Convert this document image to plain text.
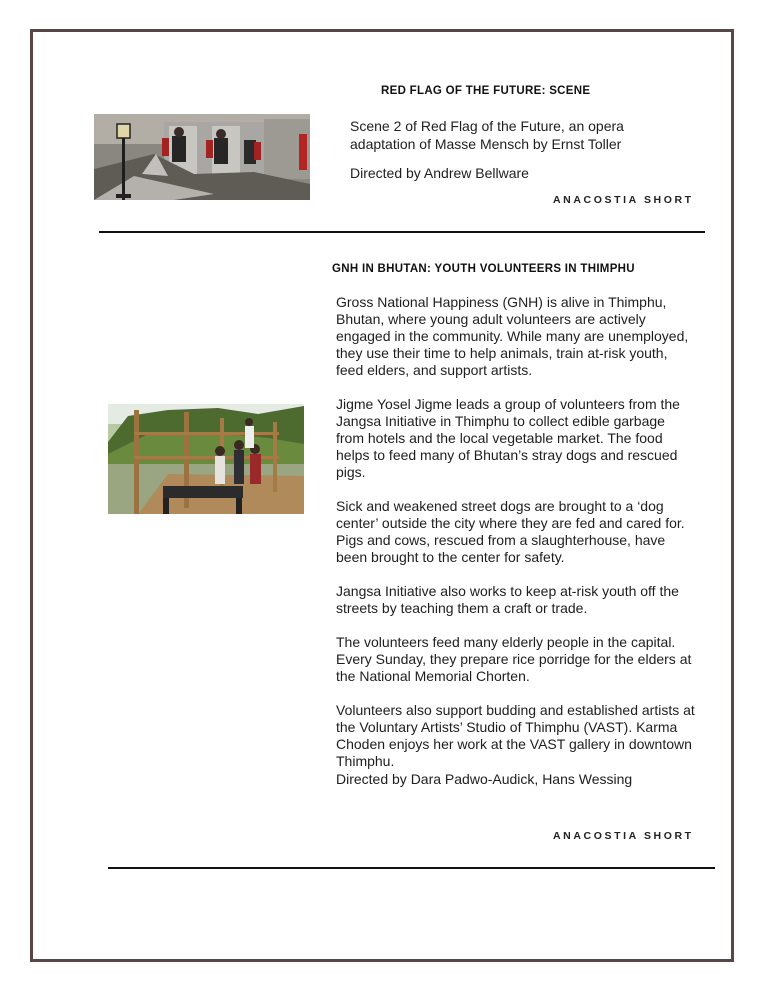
RED FLAG OF THE FUTURE: SCENE
Scene 2 of Red Flag of the Future, an opera adaptation of Masse Mensch by Ernst Toller
Directed by Andrew Bellware
ANACOSTIA SHORT
GNH IN BHUTAN: YOUTH VOLUNTEERS IN THIMPHU

Gross National Happiness (GNH) is alive in Thimphu, Bhutan, where young adult volunteers are actively engaged in the community. While many are unemployed, they use their time to help animals, train at-risk youth, feed elders, and support artists.

Jigme Yosel Jigme leads a group of volunteers from the Jangsa Initiative in Thimphu to collect edible garbage from hotels and the local vegetable market. The food helps to feed many of Bhutan’s stray dogs and rescued pigs.

Sick and weakened street dogs are brought to a ‘dog center’ outside the city where they are fed and cared for. Pigs and cows, rescued from a slaughterhouse, have been brought to the center for safety.

Jangsa Initiative also works to keep at-risk youth off the streets by teaching them a craft or trade.

The volunteers feed many elderly people in the capital. Every Sunday, they prepare rice porridge for the elders at the National Memorial Chorten.

Volunteers also support budding and established artists at the Voluntary Artists’ Studio of Thimphu (VAST). Karma Choden enjoys her work at the VAST gallery in downtown Thimphu.

Directed by Dara Padwo-Audick, Hans Wessing
ANACOSTIA SHORT
